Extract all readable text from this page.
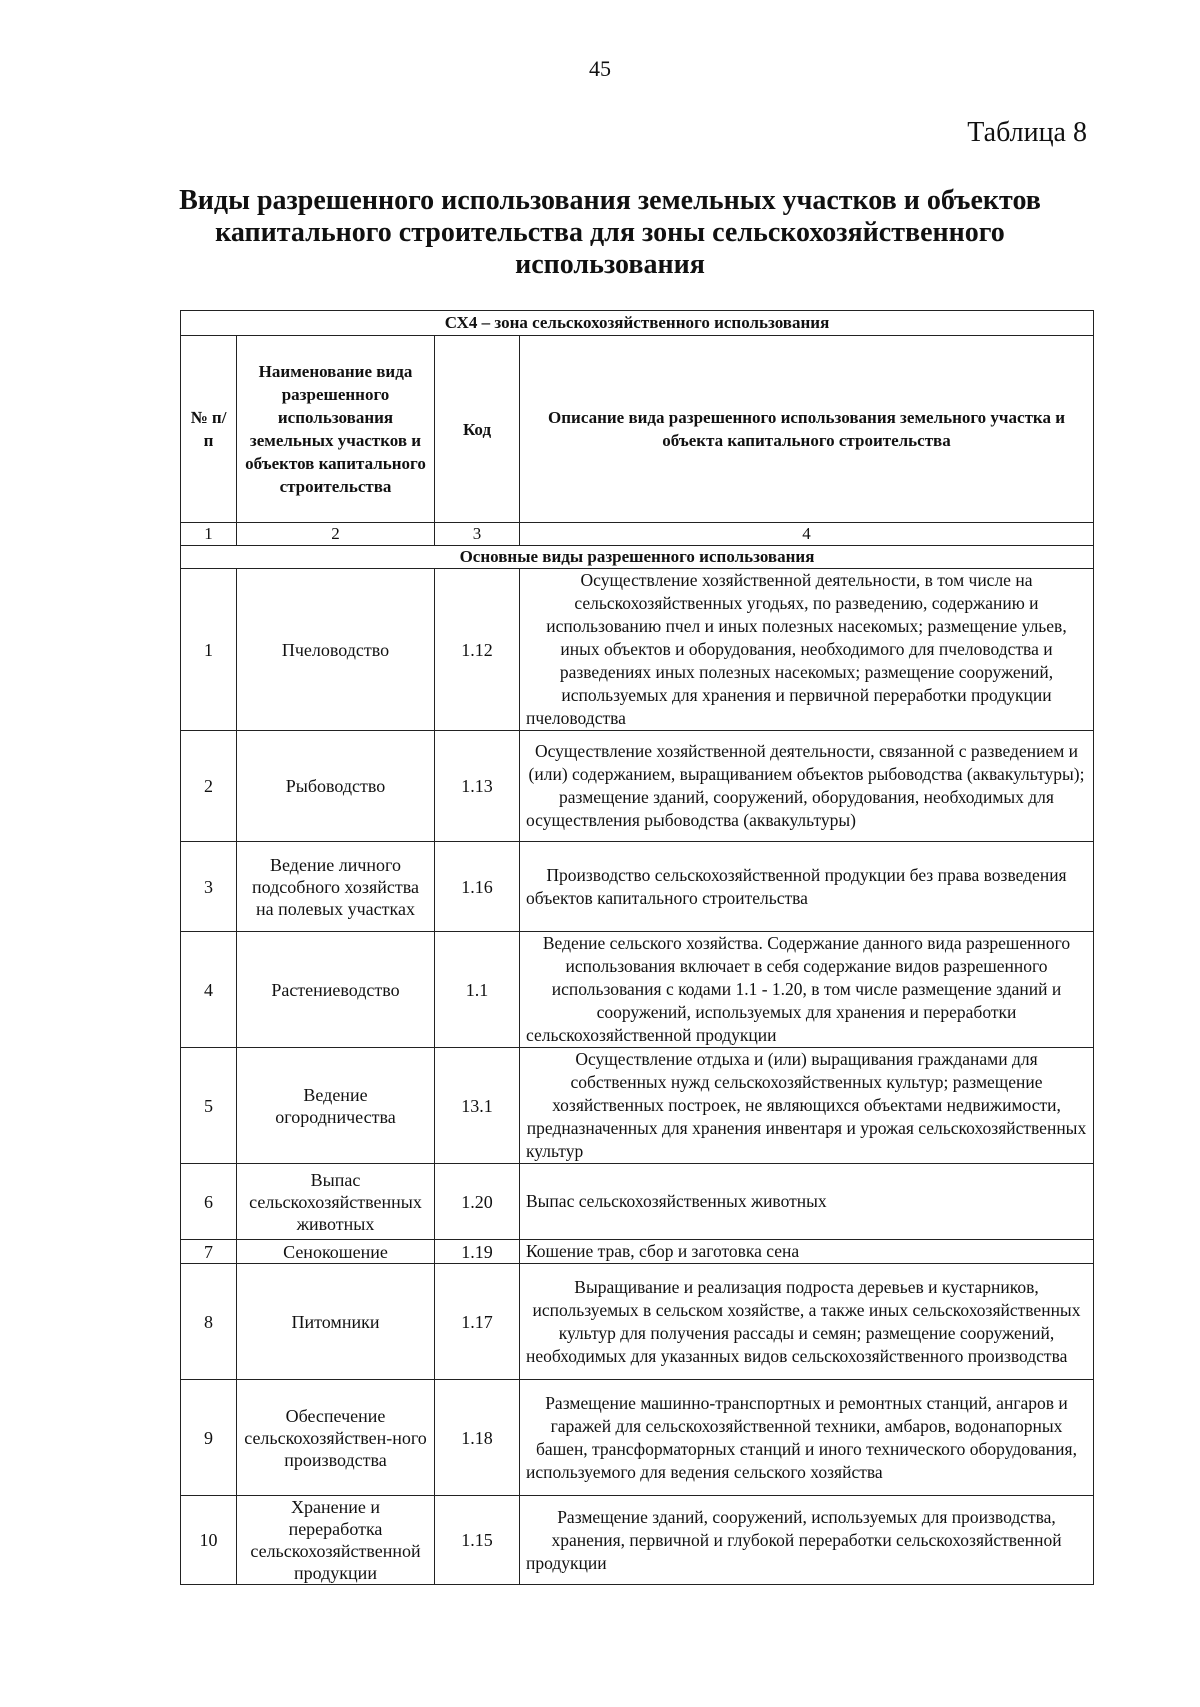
45
Таблица 8
Виды разрешенного использования земельных участков и объектов капитального строительства для зоны сельскохозяйственного использования
СХ4 – зона сельскохозяйственного использования			
№ п/п	Наименование вида разрешенного использования земельных участков и объектов капитального строительства	Код	Описание вида разрешенного использования земельного участка и объекта капитального строительства
1	2	3	4
Основные виды разрешенного использования			
1	Пчеловодство	1.12	Осуществление хозяйственной деятельности, в том числе на сельскохозяйственных угодьях, по разведению, содержанию и использованию пчел и иных полезных насекомых; размещение ульев, иных объектов и оборудования, необходимого для пчеловодства и разведениях иных полезных насекомых; размещение сооружений, используемых для хранения и первичной переработки продукции пчеловодства
2	Рыбоводство	1.13	Осуществление хозяйственной деятельности, связанной с разведением и (или) содержанием, выращиванием объектов рыбоводства (аквакультуры); размещение зданий, сооружений, оборудования, необходимых для осуществления рыбоводства (аквакультуры)
3	Ведение личного подсобного хозяйства на полевых участках	1.16	Производство сельскохозяйственной продукции без права возведения объектов капитального строительства
4	Растениеводство	1.1	Ведение сельского хозяйства. Содержание данного вида разрешенного использования включает в себя содержание видов разрешенного использования с кодами 1.1 - 1.20, в том числе размещение зданий и сооружений, используемых для хранения и переработки сельскохозяйственной продукции
5	Ведение огородничества	13.1	Осуществление отдыха и (или) выращивания гражданами для собственных нужд сельскохозяйственных культур; размещение хозяйственных построек, не являющихся объектами недвижимости, предназначенных для хранения инвентаря и урожая сельскохозяйственных культур
6	Выпас сельскохозяйственных животных	1.20	Выпас сельскохозяйственных животных
7	Сенокошение	1.19	Кошение трав, сбор и заготовка сена
8	Питомники	1.17	Выращивание и реализация подроста деревьев и кустарников, используемых в сельском хозяйстве, а также иных сельскохозяйственных культур для получения рассады и семян; размещение сооружений, необходимых для указанных видов сельскохозяйственного производства
9	Обеспечение сельскохозяйствен-ного производства	1.18	Размещение машинно-транспортных и ремонтных станций, ангаров и гаражей для сельскохозяйственной техники, амбаров, водонапорных башен, трансформаторных станций и иного технического оборудования, используемого для ведения сельского хозяйства
10	Хранение и переработка сельскохозяйственной продукции	1.15	Размещение зданий, сооружений, используемых для производства, хранения, первичной и глубокой переработки сельскохозяйственной продукции
